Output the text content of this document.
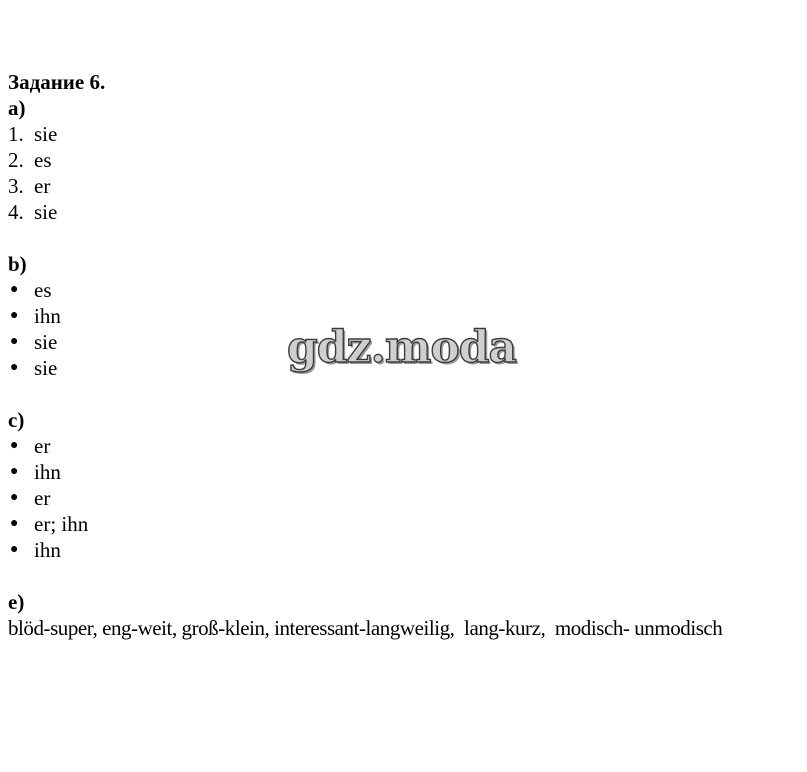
Задание 6.
a)
1. sie
2. es
3. er
4. sie
b)
● es
● ihn
● sie
● sie
c)
● er
● ihn
● er
● er; ihn
● ihn
e)
blöd-super, eng-weit, groß-klein, interessant-langweilig,  lang-kurz,  modisch- unmodisch
gdz.moda
